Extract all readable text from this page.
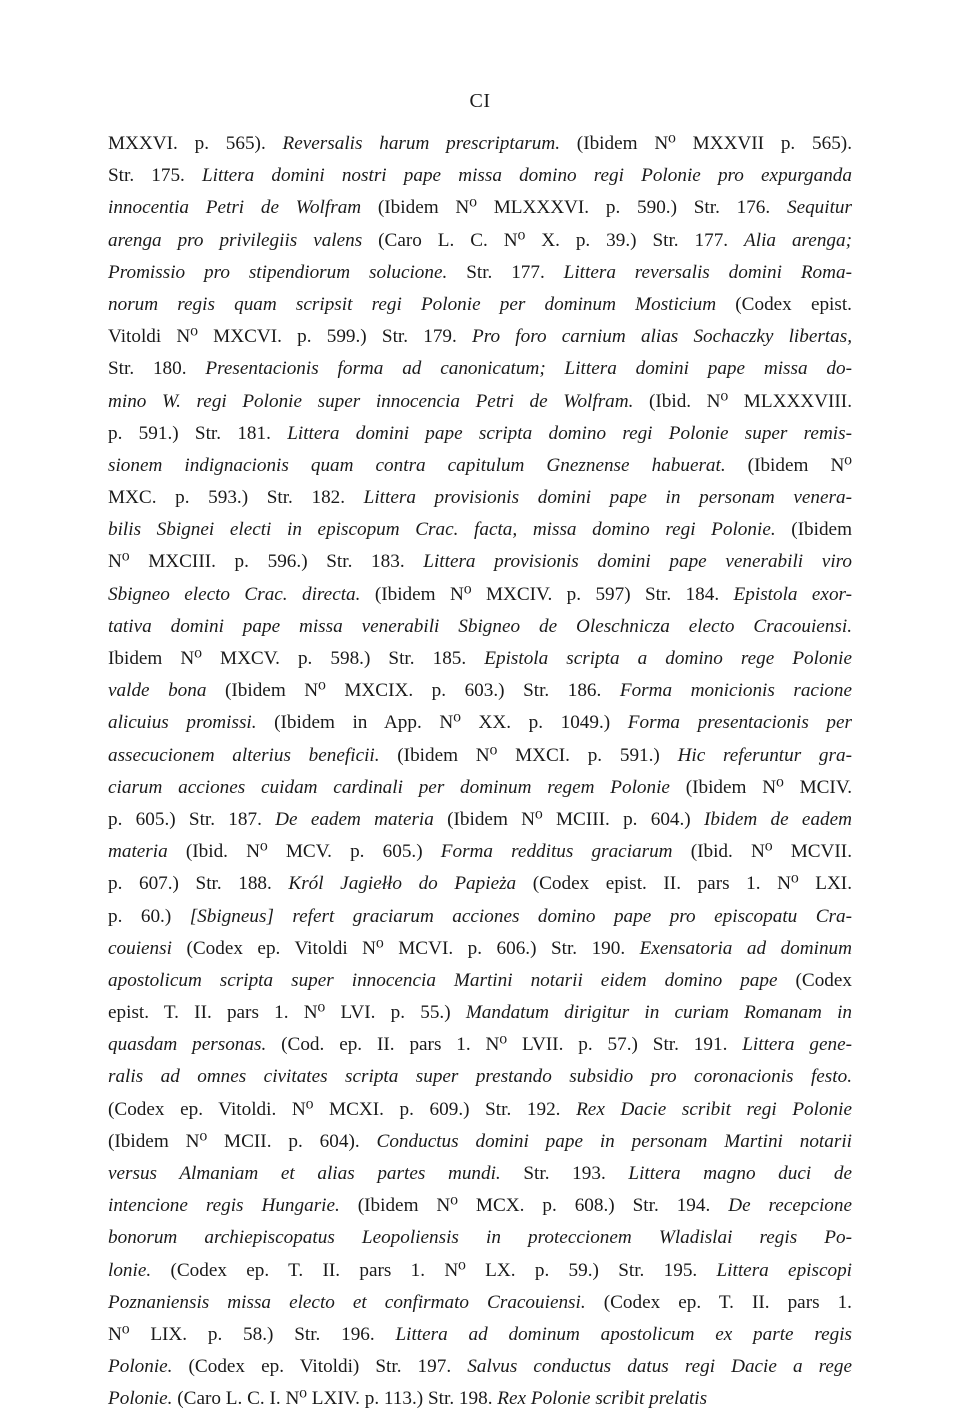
CI
MXXVI. p. 565). Reversalis harum prescriptarum. (Ibidem N⁰ MXXVII p. 565).
Str. 175. Littera domini nostri pape missa domino regi Polonie pro expurganda
innocentia Petri de Wolfram (Ibidem N⁰ MLXXXVI. p. 590.) Str. 176. Sequitur
arenga pro privilegiis valens (Caro L. C. N⁰ X. p. 39.) Str. 177. Alia arenga;
Promissio pro stipendiorum solucione. Str. 177. Littera reversalis domini Roma-
norum regis quam scripsit regi Polonie per dominum Mosticium (Codex epist.
Vitoldi N⁰ MXCVI. p. 599.) Str. 179. Pro foro carnium alias Sochaczky libertas,
Str. 180. Presentacionis forma ad canonicatum; Littera domini pape missa do-
mino W. regi Polonie super innocencia Petri de Wolfram. (Ibid. N⁰ MLXXXVIII.
p. 591.) Str. 181. Littera domini pape scripta domino regi Polonie super remis-
sionem indignacionis quam contra capitulum Gneznense habuerat. (Ibidem N⁰
MXC. p. 593.) Str. 182. Littera provisionis domini pape in personam venera-
bilis Sbignei electi in episcopum Crac. facta, missa domino regi Polonie. (Ibidem
N⁰ MXCIII. p. 596.) Str. 183. Littera provisionis domini pape venerabili viro
Sbigneo electo Crac. directa. (Ibidem N⁰ MXCIV. p. 597) Str. 184. Epistola exor-
tativa domini pape missa venerabili Sbigneo de Oleschnicza electo Cracouiensi.
Ibidem N⁰ MXCV. p. 598.) Str. 185. Epistola scripta a domino rege Polonie
valde bona (Ibidem N⁰ MXCIX. p. 603.) Str. 186. Forma monicionis racione
alicuius promissi. (Ibidem in App. N⁰ XX. p. 1049.) Forma presentacionis per
assecucionem alterius beneficii. (Ibidem N⁰ MXCI. p. 591.) Hic referuntur gra-
ciarum acciones cuidam cardinali per dominum regem Polonie (Ibidem N⁰ MCIV.
p. 605.) Str. 187. De eadem materia (Ibidem N⁰ MCIII. p. 604.) Ibidem de eadem
materia (Ibid. N⁰ MCV. p. 605.) Forma redditus graciarum (Ibid. N⁰ MCVII.
p. 607.) Str. 188. Król Jagiełło do Papieża (Codex epist. II. pars 1. N⁰ LXI.
p. 60.) [Sbigneus] refert graciarum acciones domino pape pro episcopatu Cra-
couiensi (Codex ep. Vitoldi N⁰ MCVI. p. 606.) Str. 190. Exensatoria ad dominum
apostolicum scripta super innocencia Martini notarii eidem domino pape (Codex
epist. T. II. pars 1. N⁰ LVI. p. 55.) Mandatum dirigitur in curiam Romanam in
quasdam personas. (Cod. ep. II. pars 1. N⁰ LVII. p. 57.) Str. 191. Littera gene-
ralis ad omnes civitates scripta super prestando subsidio pro coronacionis festo.
(Codex ep. Vitoldi. N⁰ MCXI. p. 609.) Str. 192. Rex Dacie scribit regi Polonie
(Ibidem N⁰ MCII. p. 604). Conductus domini pape in personam Martini notarii
versus Almaniam et alias partes mundi. Str. 193. Littera magno duci de
intencione regis Hungarie. (Ibidem N⁰ MCX. p. 608.) Str. 194. De recepcione
bonorum archiepiscopatus Leopoliensis in proteccionem Wladislai regis Po-
lonie. (Codex ep. T. II. pars 1. N⁰ LX. p. 59.) Str. 195. Littera episcopi
Poznaniensis missa electo et confirmato Cracouiensi. (Codex ep. T. II. pars 1.
N⁰ LIX. p. 58.) Str. 196. Littera ad dominum apostolicum ex parte regis
Polonie. (Codex ep. Vitoldi) Str. 197. Salvus conductus datus regi Dacie a rege
Polonie. (Caro L. C. I. N⁰ LXIV. p. 113.) Str. 198. Rex Polonie scribit prelatis
